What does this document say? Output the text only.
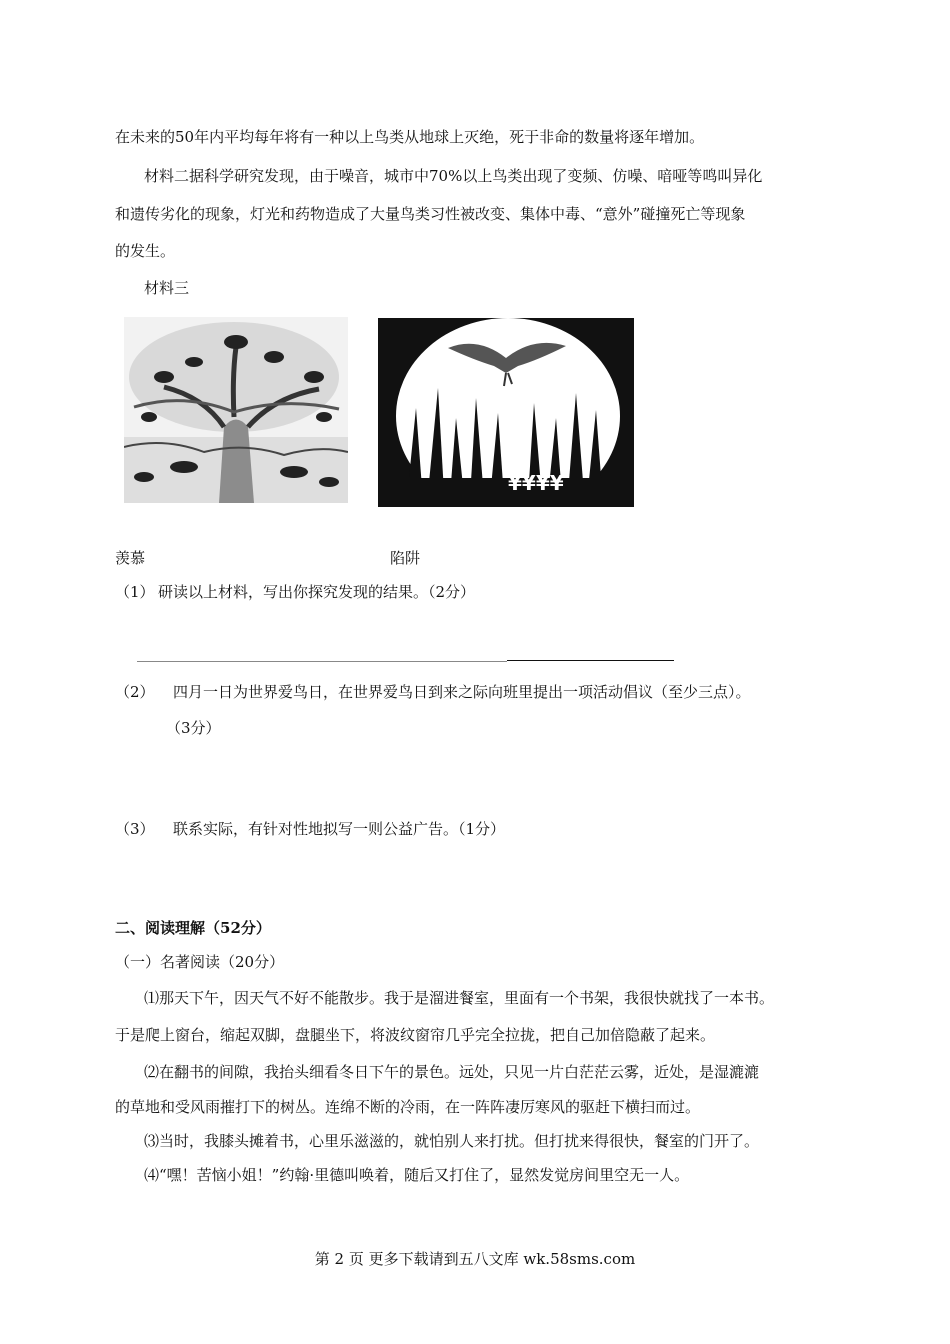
在未来的50年内平均每年将有一种以上鸟类从地球上灭绝，死于非命的数量将逐年增加。
材料二据科学研究发现，由于噪音，城市中70%以上鸟类出现了变频、仿噪、喑哑等鸣叫异化
和遗传劣化的现象，灯光和药物造成了大量鸟类习性被改变、集体中毒、“意外”碰撞死亡等现象
的发生。
材料三
¥¥¥¥
羡慕	陷阱
（1） 研读以上材料，写出你探究发现的结果。（2分）
（2） 四月一日为世界爱鸟日，在世界爱鸟日到来之际向班里提出一项活动倡议（至少三点）。
（3分）
（3） 联系实际，有针对性地拟写一则公益广告。（1分）
二、阅读理解（52分）
（一）名著阅读（20分）
⑴那天下午，因天气不好不能散步。我于是溜进餐室，里面有一个书架，我很快就找了一本书。
于是爬上窗台，缩起双脚，盘腿坐下，将波纹窗帘几乎完全拉拢，把自己加倍隐蔽了起来。
⑵在翻书的间隙，我抬头细看冬日下午的景色。远处，只见一片白茫茫云雾，近处，是湿漉漉
的草地和受风雨摧打下的树丛。连绵不断的冷雨，在一阵阵凄厉寒风的驱赶下横扫而过。
⑶当时，我膝头摊着书，心里乐滋滋的，就怕别人来打扰。但打扰来得很快，餐室的门开了。
⑷“嘿！苦恼小姐！”约翰·里德叫唤着，随后又打住了，显然发觉房间里空无一人。
第 2 页 更多下载请到五八文库 wk.58sms.com
